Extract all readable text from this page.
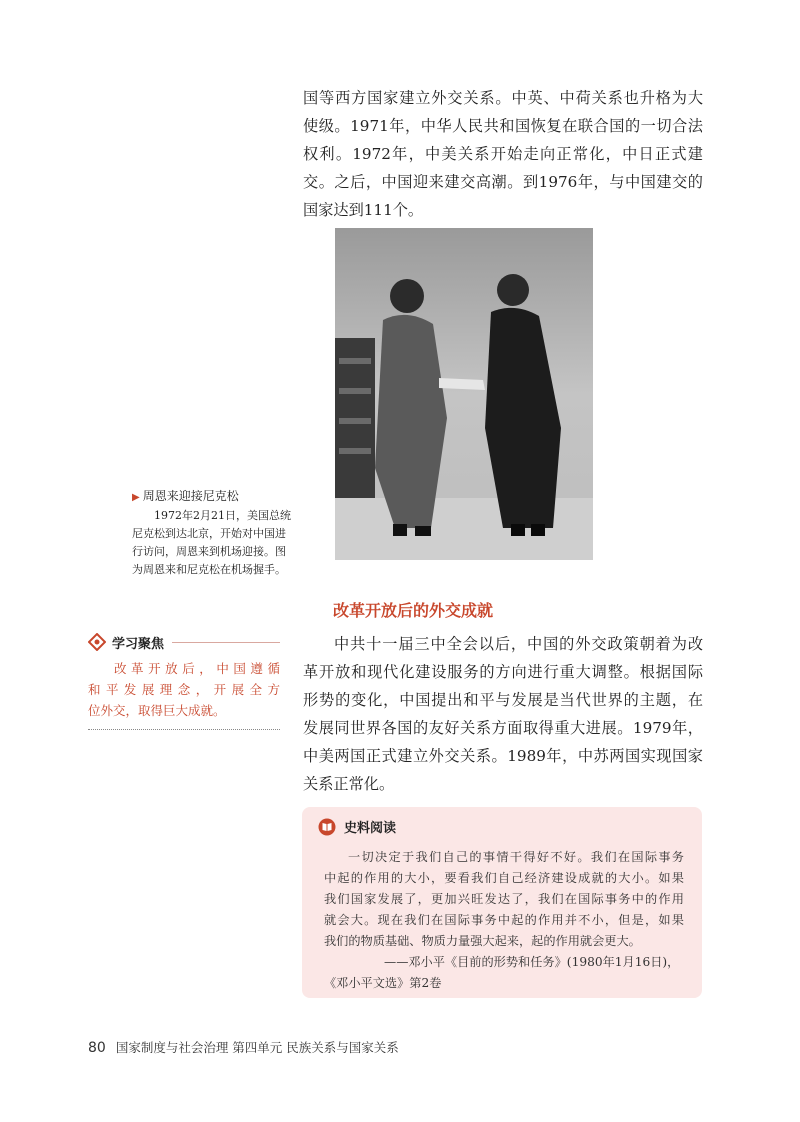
国等西方国家建立外交关系。中英、中荷关系也升格为大
使级。1971年，中华人民共和国恢复在联合国的一切合法
权利。1972年，中美关系开始走向正常化，中日正式建
交。之后，中国迎来建交高潮。到1976年，与中国建交的
国家达到111个。
▶ 周恩来迎接尼克松
1972年2月21日，美国总统
尼克松到达北京，开始对中国进
行访问，周恩来到机场迎接。图
为周恩来和尼克松在机场握手。
改革开放后的外交成就
学习聚焦
改革开放后，中国遵循
和平发展理念，开展全方
位外交，取得巨大成就。
中共十一届三中全会以后，中国的外交政策朝着为改
革开放和现代化建设服务的方向进行重大调整。根据国际
形势的变化，中国提出和平与发展是当代世界的主题，在
发展同世界各国的友好关系方面取得重大进展。1979年，
中美两国正式建立外交关系。1989年，中苏两国实现国家
关系正常化。
史料阅读
一切决定于我们自己的事情干得好不好。我们在国际事务
中起的作用的大小，要看我们自己经济建设成就的大小。如果
我们国家发展了，更加兴旺发达了，我们在国际事务中的作用
就会大。现在我们在国际事务中起的作用并不小，但是，如果
我们的物质基础、物质力量强大起来，起的作用就会更大。
——邓小平《目前的形势和任务》(1980年1月16日)，
《邓小平文选》第2卷
80 国家制度与社会治理 第四单元 民族关系与国家关系
